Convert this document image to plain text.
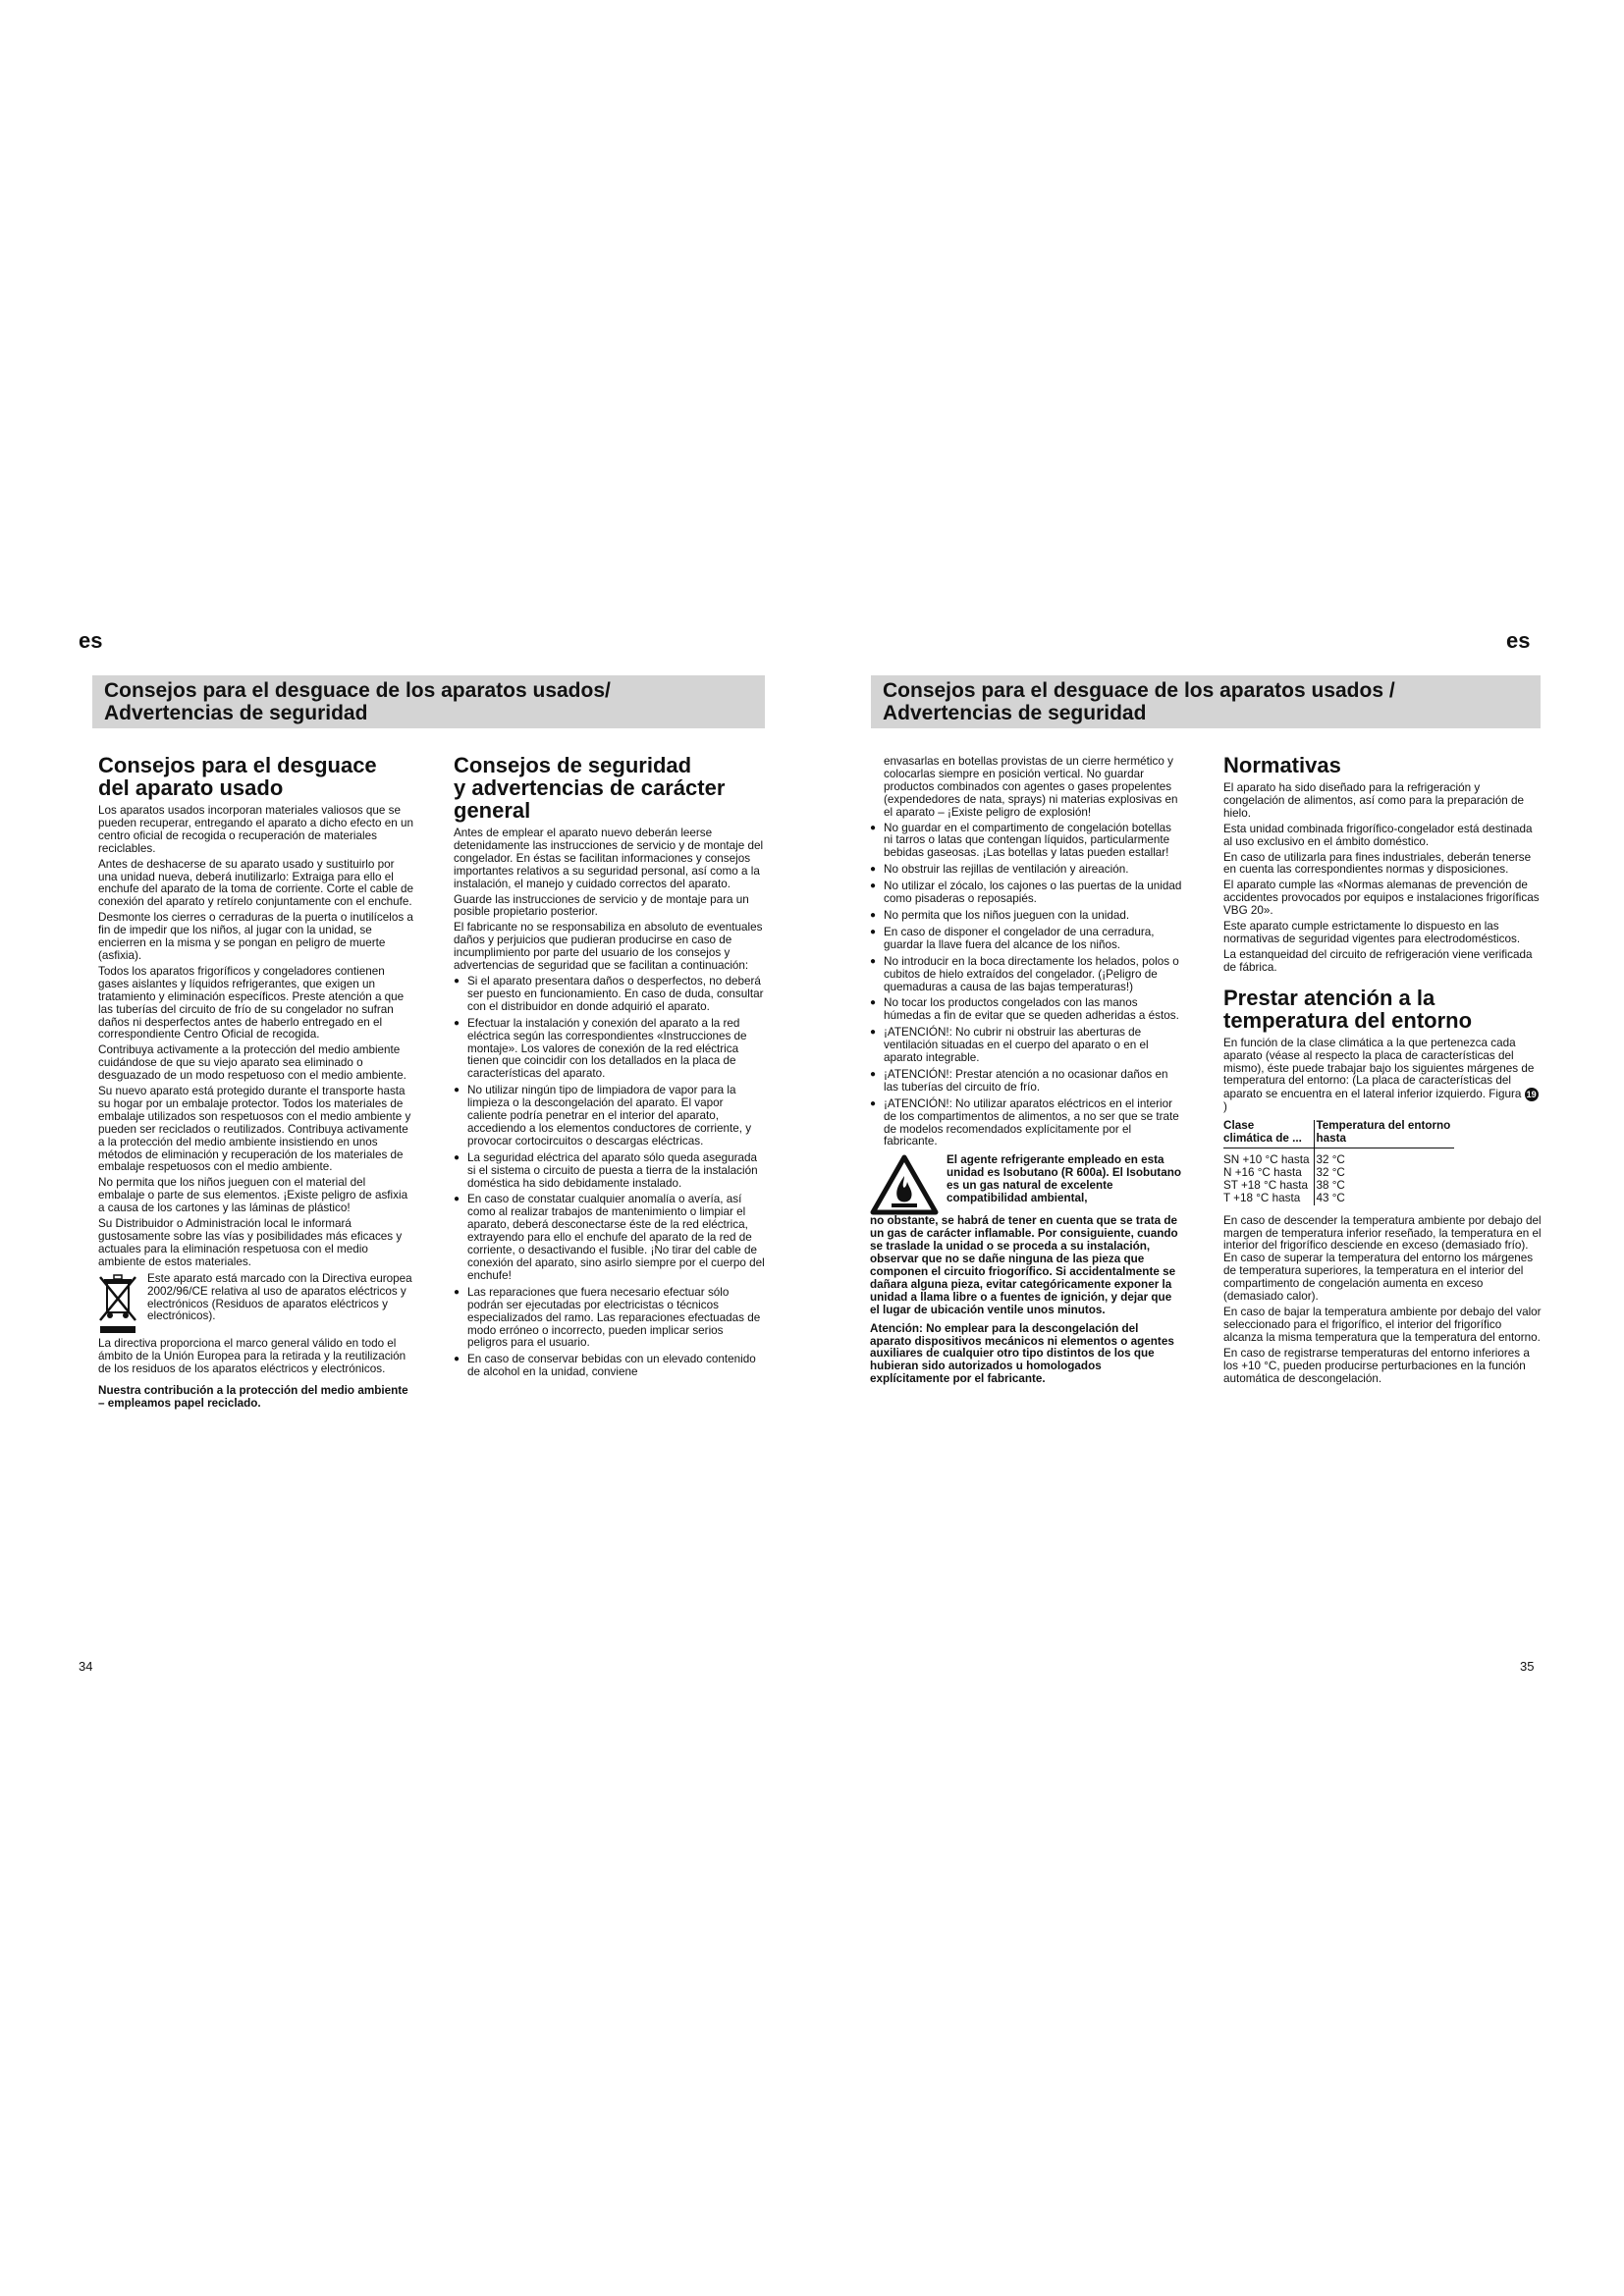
es
Consejos para el desguace de los aparatos usados/
Advertencias de seguridad
Consejos para el desguace
del aparato usado

Los aparatos usados incorporan materiales valiosos que se pueden recuperar, entregando el aparato a dicho efecto en un centro oficial de recogida o recuperación de materiales reciclables.

Antes de deshacerse de su aparato usado y sustituirlo por una unidad nueva, deberá inutilizarlo: Extraiga para ello el enchufe del aparato de la toma de corriente. Corte el cable de conexión del aparato y retírelo conjuntamente con el enchufe.

Desmonte los cierres o cerraduras de la puerta o inutilícelos a fin de impedir que los niños, al jugar con la unidad, se encierren en la misma y se pongan en peligro de muerte (asfixia).

Todos los aparatos frigoríficos y congeladores contienen gases aislantes y líquidos refrigerantes, que exigen un tratamiento y eliminación específicos. Preste atención a que las tuberías del circuito de frío de su congelador no sufran daños ni desperfectos antes de haberlo entregado en el correspondiente Centro Oficial de recogida.

Contribuya activamente a la protección del medio ambiente cuidándose de que su viejo aparato sea eliminado o desguazado de un modo respetuoso con el medio ambiente.

Su nuevo aparato está protegido durante el transporte hasta su hogar por un embalaje protector. Todos los materiales de embalaje utilizados son respetuosos con el medio ambiente y pueden ser reciclados o reutilizados. Contribuya activamente a la protección del medio ambiente insistiendo en unos métodos de eliminación y recuperación de los materiales de embalaje respetuosos con el medio ambiente.

No permita que los niños jueguen con el material del embalaje o parte de sus elementos. ¡Existe peligro de asfixia a causa de los cartones y las láminas de plástico!

Su Distribuidor o Administración local le informará gustosamente sobre las vías y posibilidades más eficaces y actuales para la eliminación respetuosa con el medio ambiente de estos materiales.

Este aparato está marcado con la Directiva europea 2002/96/CE relativa al uso de aparatos eléctricos y electrónicos (Residuos de aparatos eléctricos y electrónicos).

La directiva proporciona el marco general válido en todo el ámbito de la Unión Europea para la retirada y la reutilización de los residuos de los aparatos eléctricos y electrónicos.

Nuestra contribución a la protección del medio ambiente – empleamos papel reciclado.

Consejos de seguridad
y advertencias de carácter
general

Antes de emplear el aparato nuevo deberán leerse detenidamente las instrucciones de servicio y de montaje del congelador. En éstas se facilitan informaciones y consejos importantes relativos a su seguridad personal, así como a la instalación, el manejo y cuidado correctos del aparato.

Guarde las instrucciones de servicio y de montaje para un posible propietario posterior.

El fabricante no se responsabiliza en absoluto de eventuales daños y perjuicios que pudieran producirse en caso de incumplimiento por parte del usuario de los consejos y advertencias de seguridad que se facilitan a continuación:

● Si el aparato presentara daños o desperfectos, no deberá ser puesto en funcionamiento. En caso de duda, consultar con el distribuidor en donde adquirió el aparato.
● Efectuar la instalación y conexión del aparato a la red eléctrica según las correspondientes «Instrucciones de montaje». Los valores de conexión de la red eléctrica tienen que coincidir con los detallados en la placa de características del aparato.
● No utilizar ningún tipo de limpiadora de vapor para la limpieza o la descongelación del aparato. El vapor caliente podría penetrar en el interior del aparato, accediendo a los elementos conductores de corriente, y provocar cortocircuitos o descargas eléctricas.
● La seguridad eléctrica del aparato sólo queda asegurada si el sistema o circuito de puesta a tierra de la instalación doméstica ha sido debidamente instalado.
● En caso de constatar cualquier anomalía o avería, así como al realizar trabajos de mantenimiento o limpiar el aparato, deberá desconectarse éste de la red eléctrica, extrayendo para ello el enchufe del aparato de la red de corriente, o desactivando el fusible. ¡No tirar del cable de conexión del aparato, sino asirlo siempre por el cuerpo del enchufe!
● Las reparaciones que fuera necesario efectuar sólo podrán ser ejecutadas por electricistas o técnicos especializados del ramo. Las reparaciones efectuadas de modo erróneo o incorrecto, pueden implicar serios peligros para el usuario.
● En caso de conservar bebidas con un elevado contenido de alcohol en la unidad, conviene
34
es
Consejos para el desguace de los aparatos usados /
Advertencias de seguridad

envasarlas en botellas provistas de un cierre hermético y colocarlas siempre en posición vertical. No guardar productos combinados con agentes o gases propelentes (expendedores de nata, sprays) ni materias explosivas en el aparato – ¡Existe peligro de explosión!

● No guardar en el compartimento de congelación botellas ni tarros o latas que contengan líquidos, particularmente bebidas gaseosas. ¡Las botellas y latas pueden estallar!
● No obstruir las rejillas de ventilación y aireación.
● No utilizar el zócalo, los cajones o las puertas de la unidad como pisaderas o reposapiés.
● No permita que los niños jueguen con la unidad.
● En caso de disponer el congelador de una cerradura, guardar la llave fuera del alcance de los niños.
● No introducir en la boca directamente los helados, polos o cubitos de hielo extraídos del congelador. (¡Peligro de quemaduras a causa de las bajas temperaturas!)
● No tocar los productos congelados con las manos húmedas a fin de evitar que se queden adheridas a éstos.
● ¡ATENCIÓN!: No cubrir ni obstruir las aberturas de ventilación situadas en el cuerpo del aparato o en el aparato integrable.
● ¡ATENCIÓN!: Prestar atención a no ocasionar daños en las tuberías del circuito de frío.
● ¡ATENCIÓN!: No utilizar aparatos eléctricos en el interior de los compartimentos de alimentos, a no ser que se trate de modelos recomendados explícitamente por el fabricante.
El agente refrigerante empleado en esta unidad es Isobutano (R 600a). El Isobutano es un gas natural de excelente compatibilidad ambiental,

no obstante, se habrá de tener en cuenta que se trata de un gas de carácter inflamable. Por consiguiente, cuando se traslade la unidad o se proceda a su instalación, observar que no se dañe ninguna de las pieza que componen el circuito friogorífico. Si accidentalmente se dañara alguna pieza, evitar categóricamente exponer la unidad a llama libre o a fuentes de ignición, y dejar que el lugar de ubicación ventile unos minutos.

Atención: No emplear para la descongelación del aparato dispositivos mecánicos ni elementos o agentes auxiliares de cualquier otro tipo distintos de los que hubieran sido autorizados u homologados explícitamente por el fabricante.

Normativas

El aparato ha sido diseñado para la refrigeración y congelación de alimentos, así como para la preparación de hielo.

Esta unidad combinada frigorífico-congelador está destinada al uso exclusivo en el ámbito doméstico.

En caso de utilizarla para fines industriales, deberán tenerse en cuenta las correspondientes normas y disposiciones.

El aparato cumple las «Normas alemanas de prevención de accidentes provocados por equipos e instalaciones frigoríficas VBG 20».

Este aparato cumple estrictamente lo dispuesto en las normativas de seguridad vigentes para electrodomésticos.

La estanqueidad del circuito de refrigeración viene verificada de fábrica.

Prestar atención a la
temperatura del entorno

En función de la clase climática a la que pertenezca cada aparato (véase al respecto la placa de características del mismo), éste puede trabajar bajo los siguientes márgenes de temperatura del entorno: (La placa de características del aparato se encuentra en el lateral inferior izquierdo. Figura 19)

Clase
climática de ...	Temperatura del entorno
hasta

SN +10 °C hasta	32 °C
N +16 °C hasta	32 °C
ST +18 °C hasta	38 °C
T +18 °C hasta	43 °C

En caso de descender la temperatura ambiente por debajo del margen de temperatura inferior reseñado, la temperatura en el interior del frigorífico desciende en exceso (demasiado frío). En caso de superar la temperatura del entorno los márgenes de temperatura superiores, la temperatura en el interior del compartimento de congelación aumenta en exceso (demasiado calor).

En caso de bajar la temperatura ambiente por debajo del valor seleccionado para el frigorífico, el interior del frigorífico alcanza la misma temperatura que la temperatura del entorno.

En caso de registrarse temperaturas del entorno inferiores a los +10 °C, pueden producirse perturbaciones en la función automática de descongelación.

35
